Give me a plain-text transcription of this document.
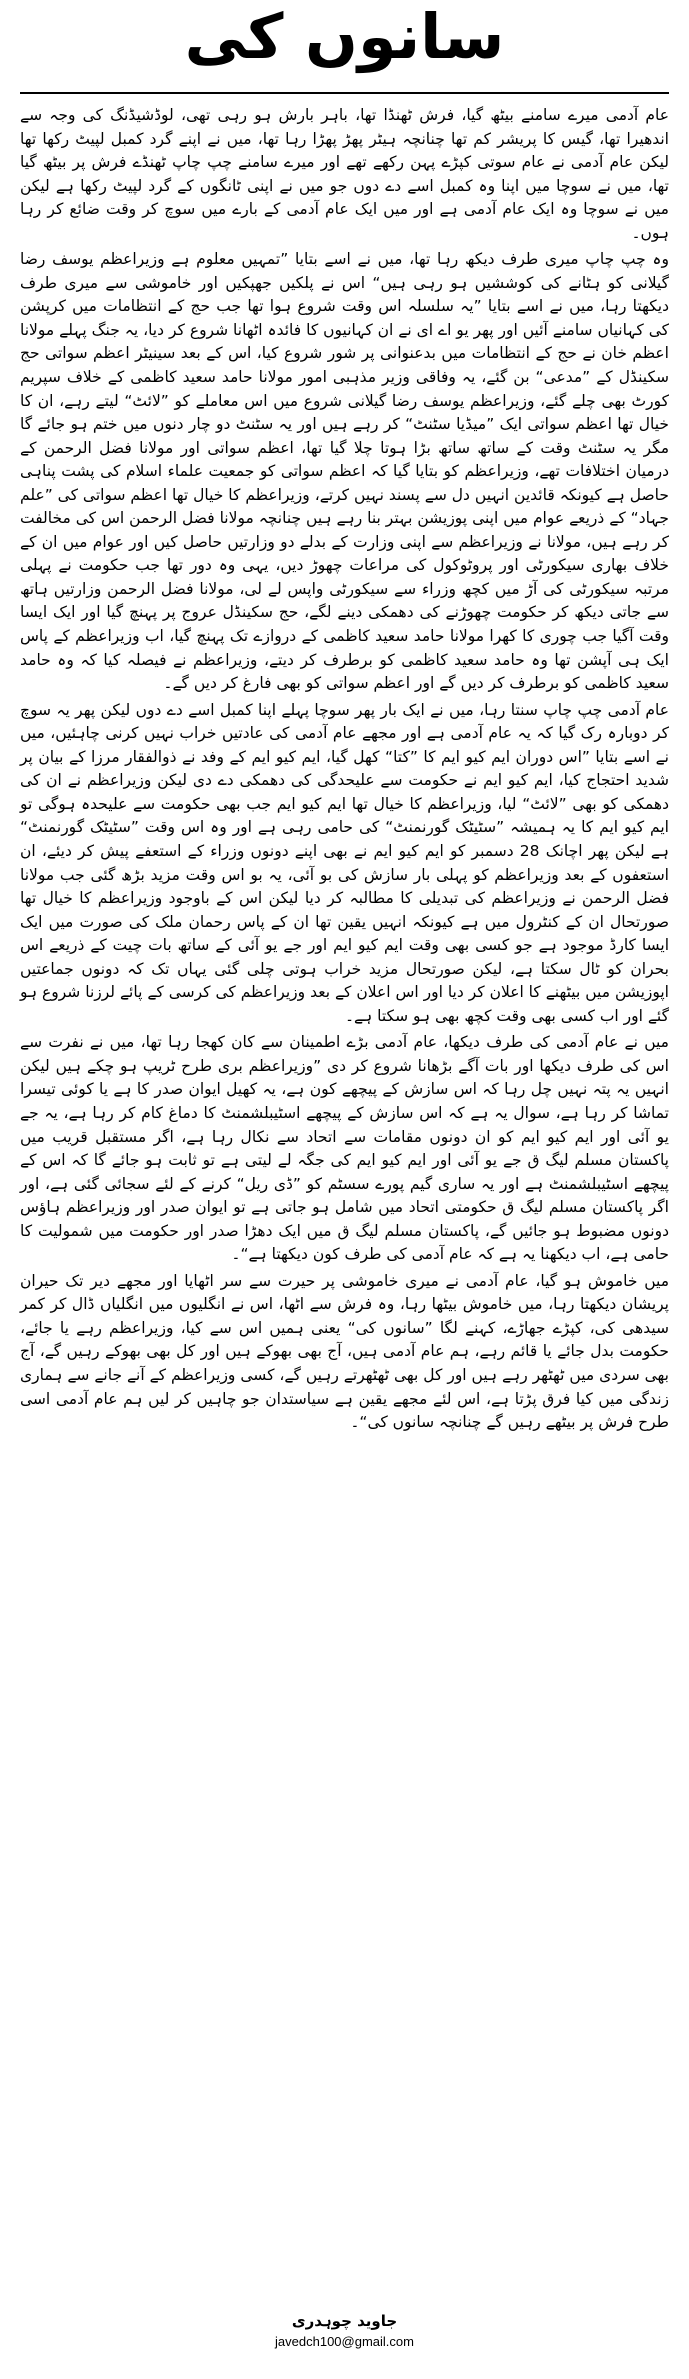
سانوں کی

عام آدمی میرے سامنے بیٹھ گیا، فرش ٹھنڈا تھا، باہر بارش ہو رہی تھی، لوڈشیڈنگ کی وجہ سے اندھیرا تھا، گیس کا پریشر کم تھا چنانچہ ہیٹر پھڑ پھڑا رہا تھا، میں نے اپنے گرد کمبل لپیٹ رکھا تھا لیکن عام آدمی نے عام سوتی کپڑے پہن رکھے تھے اور میرے سامنے چپ چاپ ٹھنڈے فرش پر بیٹھ گیا تھا، میں نے سوچا میں اپنا وہ کمبل اسے دے دوں جو میں نے اپنی ٹانگوں کے گرد لپیٹ رکھا ہے لیکن میں نے سوچا وہ ایک عام آدمی ہے اور میں ایک عام آدمی کے بارے میں سوچ کر وقت ضائع کر رہا ہوں۔

وہ چپ چاپ میری طرف دیکھ رہا تھا، میں نے اسے بتایا ”تمہیں معلوم ہے وزیراعظم یوسف رضا گیلانی کو ہٹانے کی کوششیں ہو رہی ہیں“ اس نے پلکیں جھپکیں اور خاموشی سے میری طرف دیکھتا رہا، میں نے اسے بتایا ”یہ سلسلہ اس وقت شروع ہوا تھا جب حج کے انتظامات میں کرپشن کی کہانیاں سامنے آئیں اور پھر یو اے ای نے ان کہانیوں کا فائدہ اٹھانا شروع کر دیا، یہ جنگ پہلے مولانا اعظم خان نے حج کے انتظامات میں بدعنوانی پر شور شروع کیا، اس کے بعد سینیٹر اعظم سواتی حج سکینڈل کے ”مدعی“ بن گئے، یہ وفاقی وزیر مذہبی امور مولانا حامد سعید کاظمی کے خلاف سپریم کورٹ بھی چلے گئے، وزیراعظم یوسف رضا گیلانی شروع میں اس معاملے کو ”لائٹ“ لیتے رہے، ان کا خیال تھا اعظم سواتی ایک ”میڈیا سٹنٹ“ کر رہے ہیں اور یہ سٹنٹ دو چار دنوں میں ختم ہو جائے گا مگر یہ سٹنٹ وقت کے ساتھ ساتھ بڑا ہوتا چلا گیا تھا، اعظم سواتی اور مولانا فضل الرحمن کے درمیان اختلافات تھے، وزیراعظم کو بتایا گیا کہ اعظم سواتی کو جمعیت علماء اسلام کی پشت پناہی حاصل ہے کیونکہ قائدین انہیں دل سے پسند نہیں کرتے، وزیراعظم کا خیال تھا اعظم سواتی کی ”علم جہاد“ کے ذریعے عوام میں اپنی پوزیشن بہتر بنا رہے ہیں چنانچہ مولانا فضل الرحمن اس کی مخالفت کر رہے ہیں، مولانا نے وزیراعظم سے اپنی وزارت کے بدلے دو وزارتیں حاصل کیں اور عوام میں ان کے خلاف بھاری سیکورٹی اور پروٹوکول کی مراعات چھوڑ دیں، یہی وہ دور تھا جب حکومت نے پہلی مرتبہ سیکورٹی کی آڑ میں کچھ وزراء سے سیکورٹی واپس لے لی، مولانا فضل الرحمن وزارتیں ہاتھ سے جاتی دیکھ کر حکومت چھوڑنے کی دھمکی دینے لگے، حج سکینڈل عروج پر پہنچ گیا اور ایک ایسا وقت آگیا جب چوری کا کھرا مولانا حامد سعید کاظمی کے دروازے تک پہنچ گیا، اب وزیراعظم کے پاس ایک ہی آپشن تھا وہ حامد سعید کاظمی کو برطرف کر دیتے، وزیراعظم نے فیصلہ کیا کہ وہ حامد سعید کاظمی کو برطرف کر دیں گے اور اعظم سواتی کو بھی فارغ کر دیں گے۔

عام آدمی چپ چاپ سنتا رہا، میں نے ایک بار پھر سوچا پہلے اپنا کمبل اسے دے دوں لیکن پھر یہ سوچ کر دوبارہ رک گیا کہ یہ عام آدمی ہے اور مجھے عام آدمی کی عادتیں خراب نہیں کرنی چاہئیں، میں نے اسے بتایا ”اس دوران ایم کیو ایم کا ”کتا“ کھل گیا، ایم کیو ایم کے وفد نے ذوالفقار مرزا کے بیان پر شدید احتجاج کیا، ایم کیو ایم نے حکومت سے علیحدگی کی دھمکی دے دی لیکن وزیراعظم نے ان کی دھمکی کو بھی ”لائٹ“ لیا، وزیراعظم کا خیال تھا ایم کیو ایم جب بھی حکومت سے علیحدہ ہوگی تو ایم کیو ایم کا یہ ہمیشہ ”سٹیٹک گورنمنٹ“ کی حامی رہی ہے اور وہ اس وقت ”سٹیٹک گورنمنٹ“ ہے لیکن پھر اچانک 28 دسمبر کو ایم کیو ایم نے بھی اپنے دونوں وزراء کے استعفے پیش کر دیئے، ان استعفوں کے بعد وزیراعظم کو پہلی بار سازش کی بو آئی، یہ بو اس وقت مزید بڑھ گئی جب مولانا فضل الرحمن نے وزیراعظم کی تبدیلی کا مطالبہ کر دیا لیکن اس کے باوجود وزیراعظم کا خیال تھا صورتحال ان کے کنٹرول میں ہے کیونکہ انہیں یقین تھا ان کے پاس رحمان ملک کی صورت میں ایک ایسا کارڈ موجود ہے جو کسی بھی وقت ایم کیو ایم اور جے یو آئی کے ساتھ بات چیت کے ذریعے اس بحران کو ٹال سکتا ہے، لیکن صورتحال مزید خراب ہوتی چلی گئی یہاں تک کہ دونوں جماعتیں اپوزیشن میں بیٹھنے کا اعلان کر دیا اور اس اعلان کے بعد وزیراعظم کی کرسی کے پائے لرزنا شروع ہو گئے اور اب کسی بھی وقت کچھ بھی ہو سکتا ہے۔

میں نے عام آدمی کی طرف دیکھا، عام آدمی بڑے اطمینان سے کان کھجا رہا تھا، میں نے نفرت سے اس کی طرف دیکھا اور بات آگے بڑھانا شروع کر دی ”وزیراعظم بری طرح ٹریپ ہو چکے ہیں لیکن انہیں یہ پتہ نہیں چل رہا کہ اس سازش کے پیچھے کون ہے، یہ کھیل ایوان صدر کا ہے یا کوئی تیسرا تماشا کر رہا ہے، سوال یہ ہے کہ اس سازش کے پیچھے اسٹیبلشمنٹ کا دماغ کام کر رہا ہے، یہ جے یو آئی اور ایم کیو ایم کو ان دونوں مقامات سے اتحاد سے نکال رہا ہے، اگر مستقبل قریب میں پاکستان مسلم لیگ ق جے یو آئی اور ایم کیو ایم کی جگہ لے لیتی ہے تو ثابت ہو جائے گا کہ اس کے پیچھے اسٹیبلشمنٹ ہے اور یہ ساری گیم پورے سسٹم کو ”ڈی ریل“ کرنے کے لئے سجائی گئی ہے، اور اگر پاکستان مسلم لیگ ق حکومتی اتحاد میں شامل ہو جاتی ہے تو ایوان صدر اور وزیراعظم ہاؤس دونوں مضبوط ہو جائیں گے، پاکستان مسلم لیگ ق میں ایک دھڑا صدر اور حکومت میں شمولیت کا حامی ہے، اب دیکھنا یہ ہے کہ عام آدمی کی طرف کون دیکھتا ہے“۔

میں خاموش ہو گیا، عام آدمی نے میری خاموشی پر حیرت سے سر اٹھایا اور مجھے دیر تک حیران پریشان دیکھتا رہا، میں خاموش بیٹھا رہا، وہ فرش سے اٹھا، اس نے انگلیوں میں انگلیاں ڈال کر کمر سیدھی کی، کپڑے جھاڑے، کہنے لگا ”سانوں کی“ یعنی ہمیں اس سے کیا، وزیراعظم رہے یا جائے، حکومت بدل جائے یا قائم رہے، ہم عام آدمی ہیں، آج بھی بھوکے ہیں اور کل بھی بھوکے رہیں گے، آج بھی سردی میں ٹھٹھر رہے ہیں اور کل بھی ٹھٹھرتے رہیں گے، کسی وزیراعظم کے آنے جانے سے ہماری زندگی میں کیا فرق پڑتا ہے، اس لئے مجھے یقین ہے سیاستدان جو چاہیں کر لیں ہم عام آدمی اسی طرح فرش پر بیٹھے رہیں گے چنانچہ سانوں کی“۔

جاوید چوہدری
javedch100@gmail.com
